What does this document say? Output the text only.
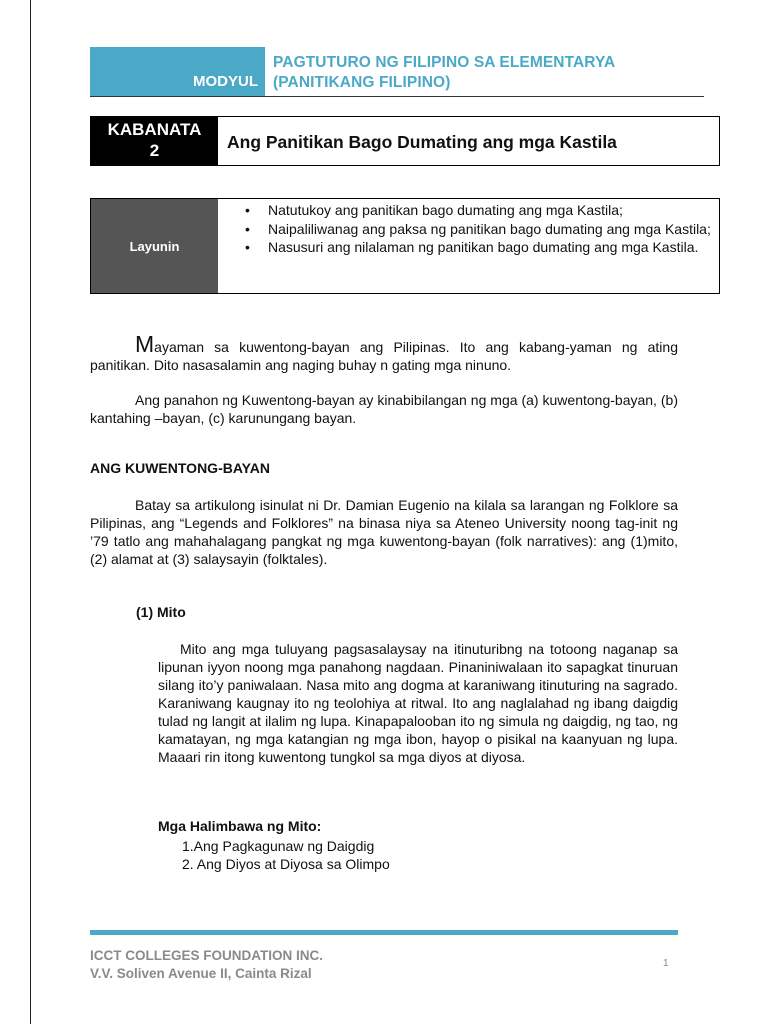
MODYUL
PAGTUTURO NG FILIPINO SA ELEMENTARYA
(PANITIKANG FILIPINO)
KABANATA
2	Ang Panitikan Bago Dumating ang mga Kastila
Layunin
• Natutukoy ang panitikan bago dumating ang mga Kastila;
• Naipaliliwanag ang paksa ng panitikan bago dumating ang mga Kastila;
• Nasusuri ang nilalaman ng panitikan bago dumating ang mga Kastila.

Mayaman sa kuwentong-bayan ang Pilipinas. Ito ang kabang-yaman ng ating panitikan. Dito nasasalamin ang naging buhay n gating mga ninuno.

Ang panahon ng Kuwentong-bayan ay kinabibilangan ng mga (a) kuwentong-bayan, (b) kantahing –bayan, (c) karunungang bayan.

ANG KUWENTONG-BAYAN

Batay sa artikulong isinulat ni Dr. Damian Eugenio na kilala sa larangan ng Folklore sa Pilipinas, ang “Legends and Folklores” na binasa niya sa Ateneo University noong tag-init ng ’79 tatlo ang mahahalagang pangkat ng mga kuwentong-bayan (folk narratives): ang (1)mito, (2) alamat at (3) salaysayin (folktales).

(1) Mito

Mito ang mga tuluyang pagsasalaysay na itinuturibng na totoong naganap sa lipunan iyyon noong mga panahong nagdaan. Pinaniniwalaan ito sapagkat tinuruan silang ito’y paniwalaan. Nasa mito ang dogma at karaniwang itinuturing na sagrado. Karaniwang kaugnay ito ng teolohiya at ritwal. Ito ang naglalahad ng ibang daigdig tulad ng langit at ilalim ng lupa. Kinapapalooban ito ng simula ng daigdig, ng tao, ng kamatayan, ng mga katangian ng mga ibon, hayop o pisikal na kaanyuan ng lupa. Maaari rin itong kuwentong tungkol sa mga diyos at diyosa.

Mga Halimbawa ng Mito:

1.Ang Pagkagunaw ng Daigdig
2. Ang Diyos at Diyosa sa Olimpo
ICCT COLLEGES FOUNDATION INC.
V.V. Soliven Avenue II, Cainta Rizal
1
